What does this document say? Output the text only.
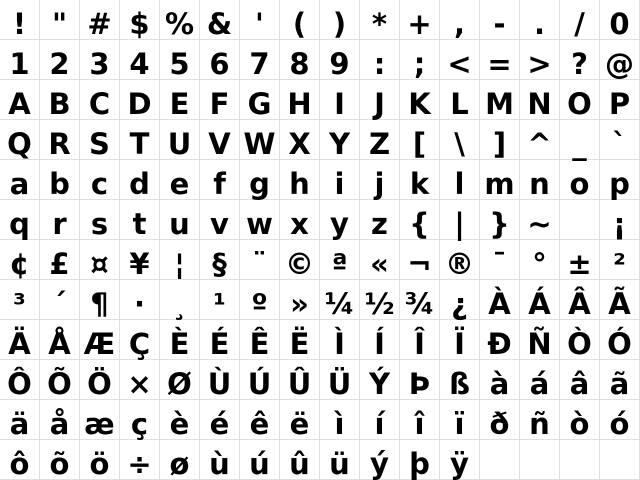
! " # $ % & ' ( ) * + , - .	/ 0
1 2 3 4 5 6 7 8 9 : ; < = > ? @
A B C D E F G H I	J K L M N O P
Q R S T U V W X Y Z [ \ ] ^ _ `
a b c d e f g h i	j k l m n o p
q r s t u v w x y z { | } ~	¡
¢ £ ¤ ¥ ¦ § ¨ © ª « ¬ ® ¯ ° ± ²
³ ´ ¶ · ¸ ¹ º » ¼ ½ ¾ ¿ À Á Â Ã
Ä Å Æ Ç È É Ê Ë Ì	Í	Î	Ï Ð Ñ Ò Ó
Ô Õ Ö × Ø Ù Ú Û Ü Ý Þ ß à á â ã
ä å æ ç è é ê ë ì	í	î	ï ð ñ ò ó
ô õ ö ÷ ø ù ú û ü ý þ ÿ
